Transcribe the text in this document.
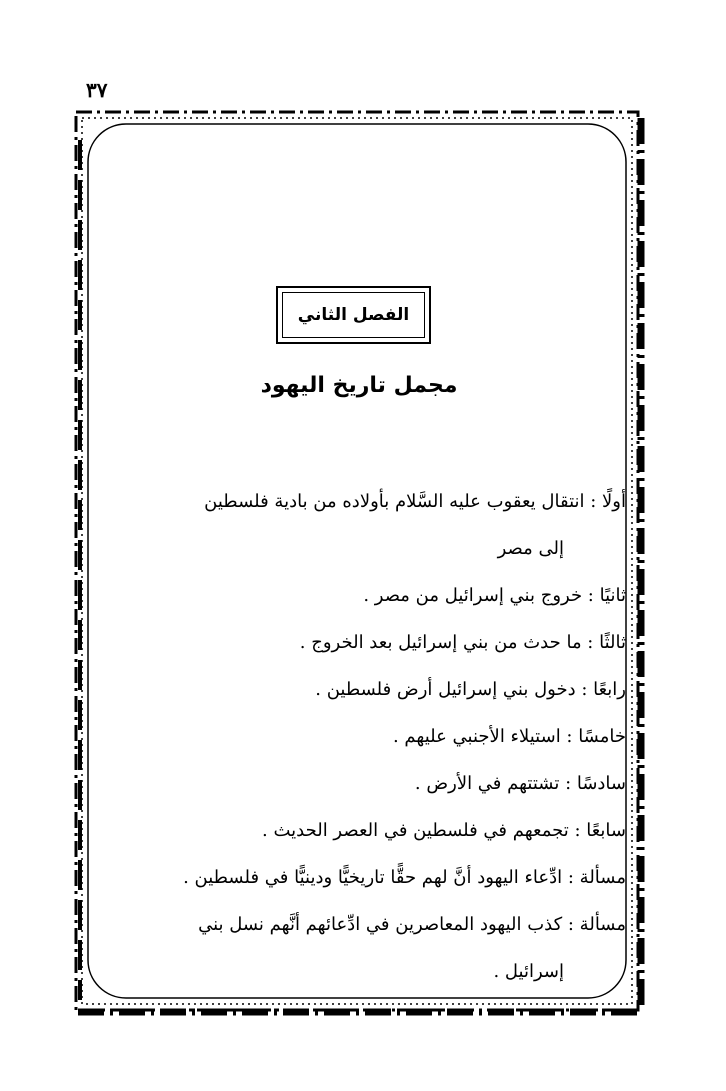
٣٧
الفصل الثاني
مجمل تاريخ اليهود

أولًا : انتقال يعقوب عليه السَّلام بأولاده من بادية فلسطين

إلى مصر

ثانيًا : خروج بني إسرائيل من مصر .

ثالثًا : ما حدث من بني إسرائيل بعد الخروج .

رابعًا : دخول بني إسرائيل أرض فلسطين .

خامسًا : استيلاء الأجنبي عليهم .

سادسًا : تشتتهم في الأرض .

سابعًا : تجمعهم في فلسطين في العصر الحديث .

مسألة : ادِّعاء اليهود أنَّ لهم حقًّا تاريخيًّا ودينيًّا في فلسطين .

مسألة : كذب اليهود المعاصرين في ادِّعائهم أنَّهم نسل بني

إسرائيل .
